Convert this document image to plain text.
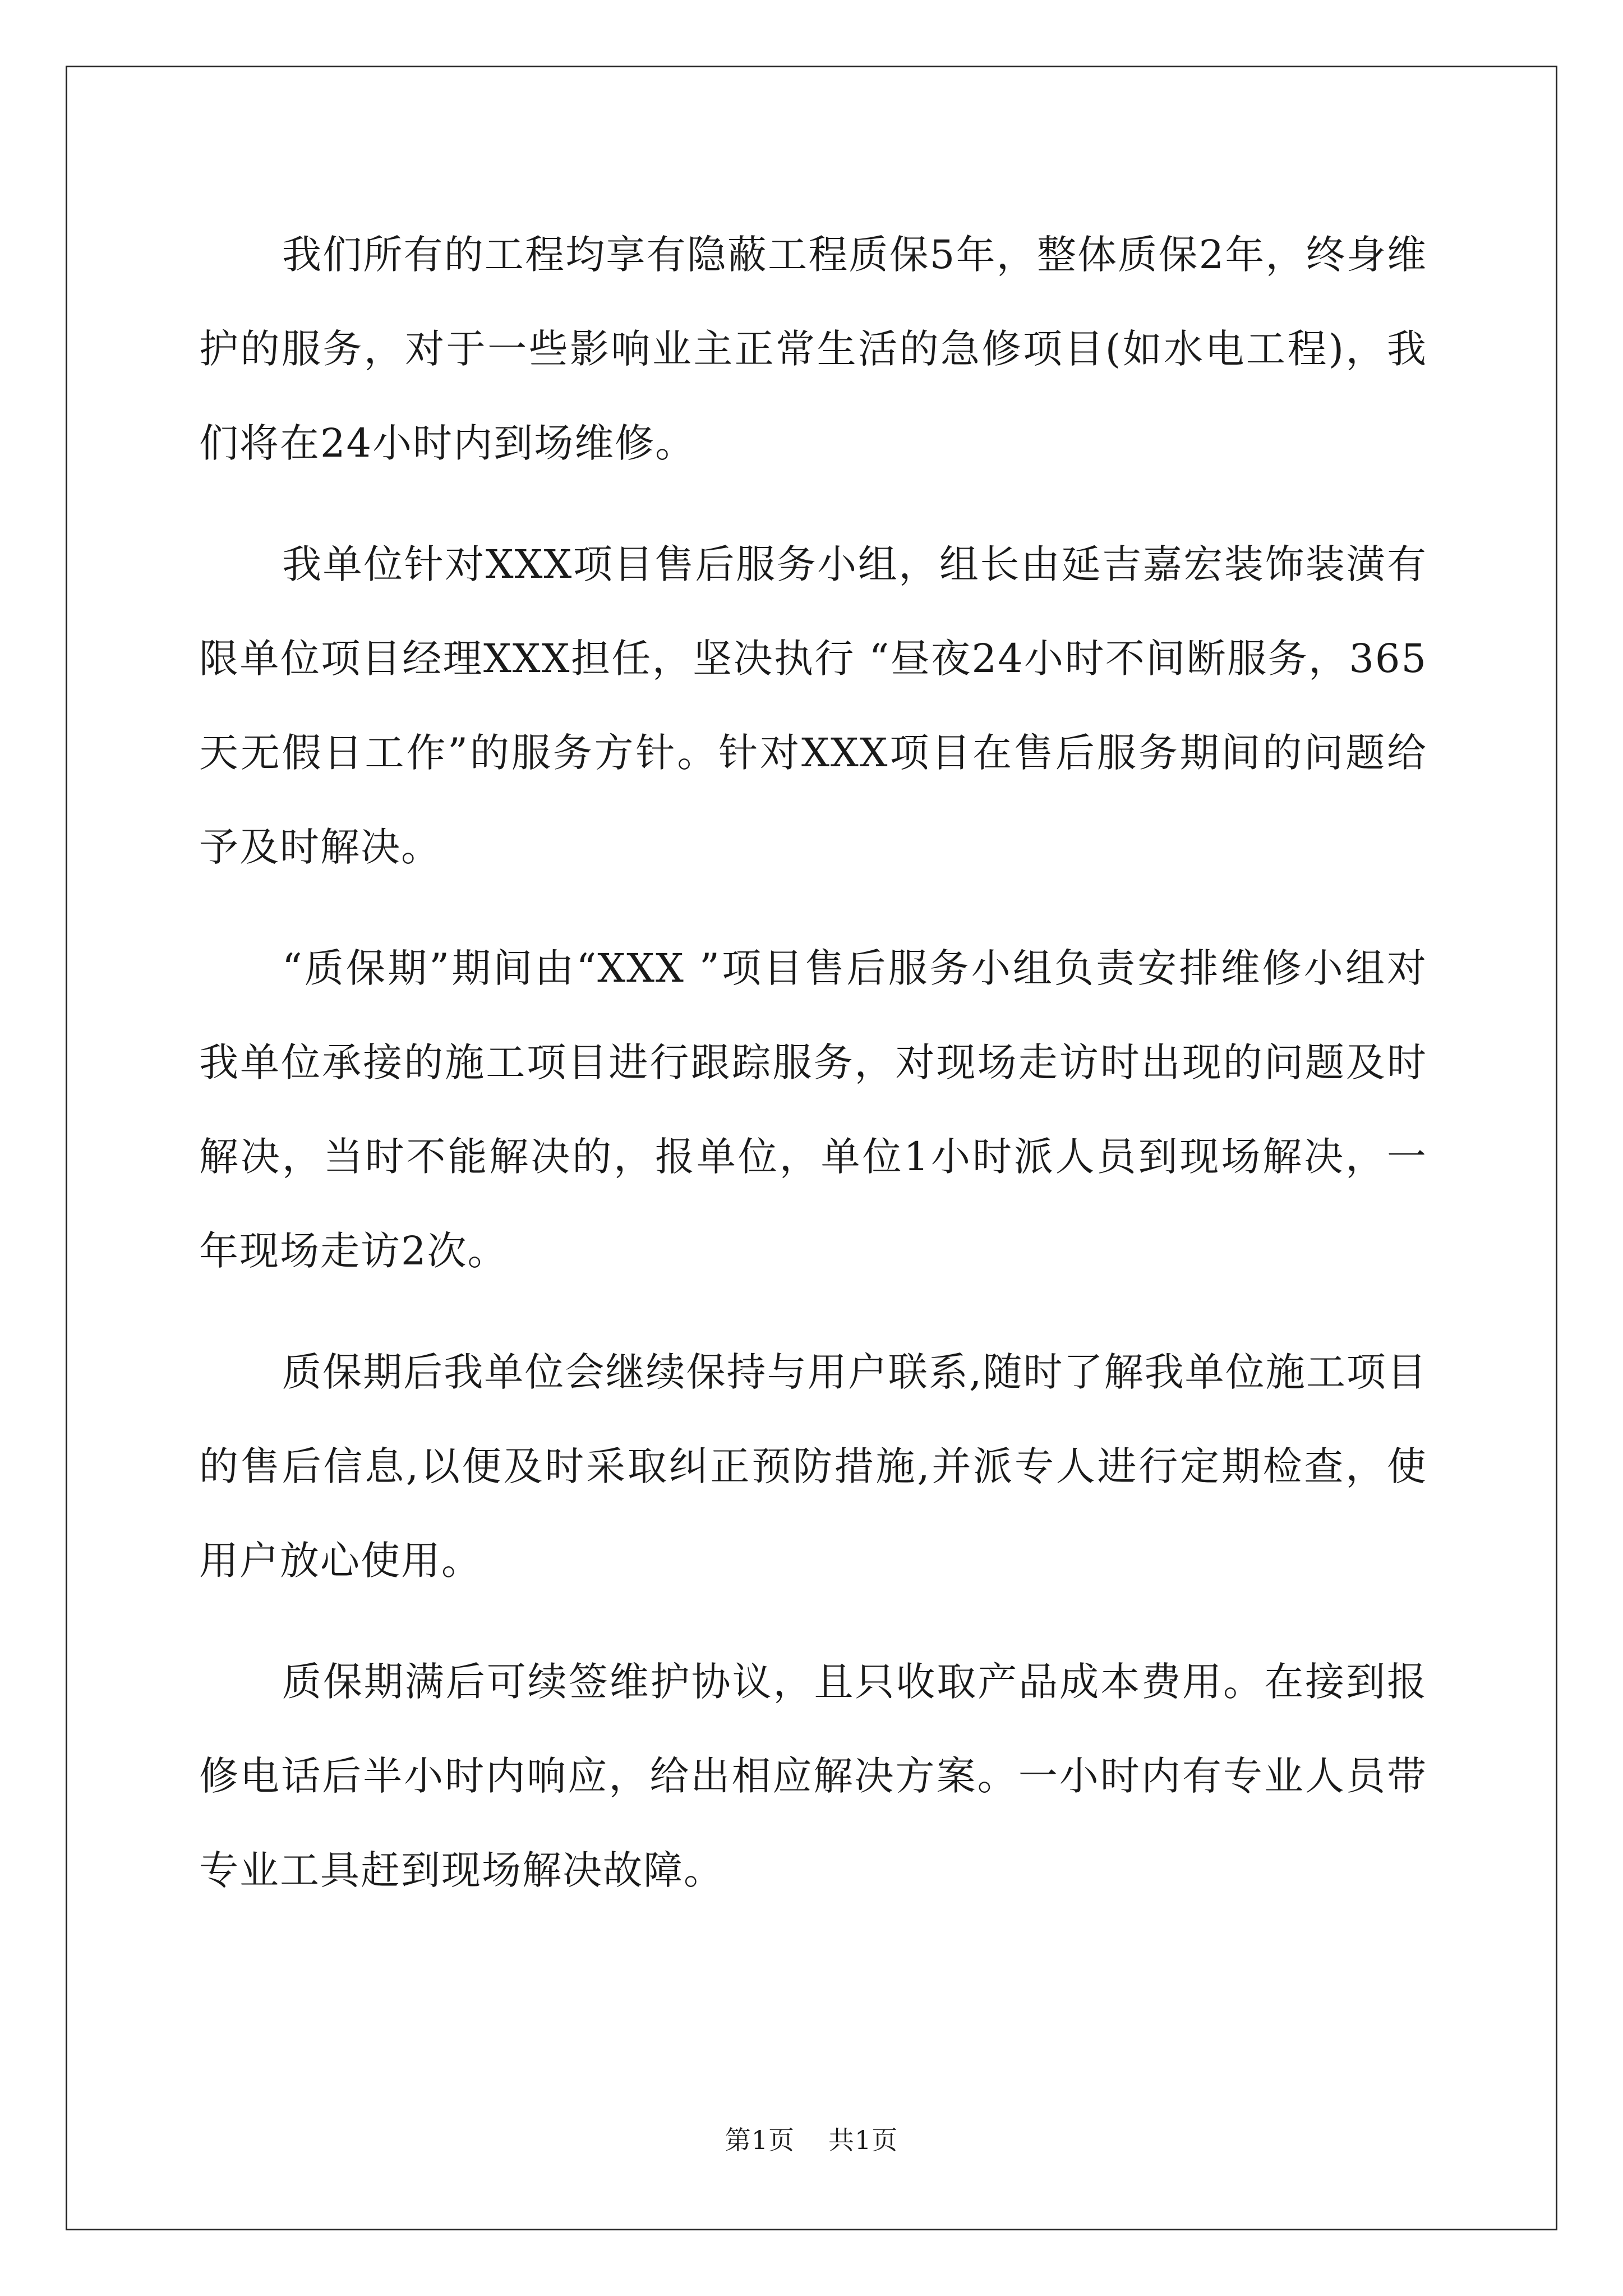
我们所有的工程均享有隐蔽工程质保5年，整体质保2年，终身维护的服务，对于一些影响业主正常生活的急修项目(如水电工程)，我们将在24小时内到场维修。

我单位针对XXX项目售后服务小组，组长由延吉嘉宏装饰装潢有限单位项目经理XXX担任，坚决执行 “昼夜24小时不间断服务，365天无假日工作”的服务方针。针对XXX项目在售后服务期间的问题给予及时解决。

“质保期”期间由“XXX ”项目售后服务小组负责安排维修小组对我单位承接的施工项目进行跟踪服务，对现场走访时出现的问题及时解决，当时不能解决的，报单位，单位1小时派人员到现场解决，一年现场走访2次。

质保期后我单位会继续保持与用户联系,随时了解我单位施工项目的售后信息,以便及时采取纠正预防措施,并派专人进行定期检查，使用户放心使用。

质保期满后可续签维护协议，且只收取产品成本费用。在接到报修电话后半小时内响应，给出相应解决方案。一小时内有专业人员带专业工具赶到现场解决故障。

第1页 共1页
